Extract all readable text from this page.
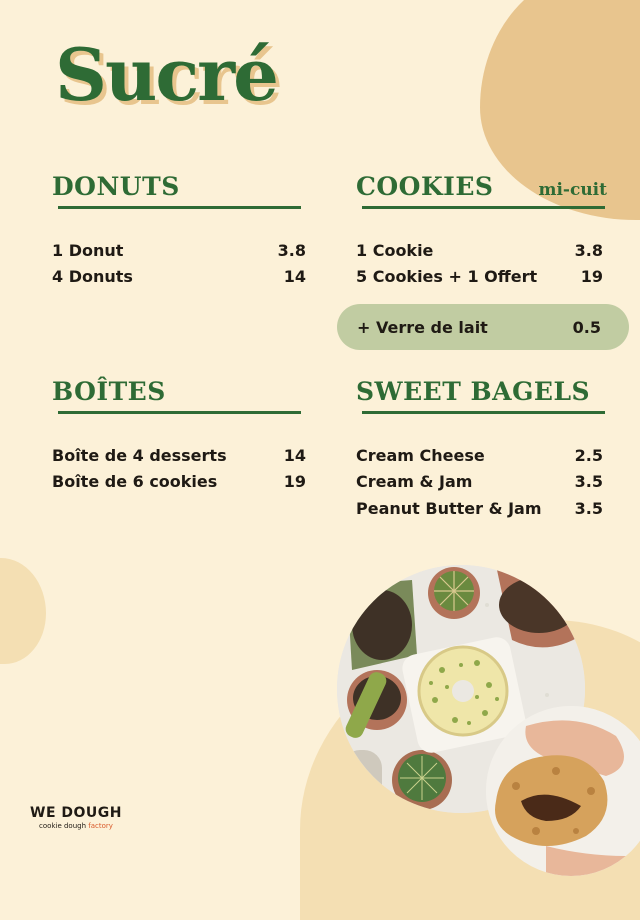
Sucré
DONUTS
1 Donut	3.8
4 Donuts	14
COOKIES	mi-cuit
1 Cookie	3.8
5 Cookies + 1 Offert	19
+ Verre de lait	0.5
BOÎTES
Boîte de 4 desserts	14
Boîte de 6 cookies	19
SWEET BAGELS
Cream Cheese	2.5
Cream & Jam	3.5
Peanut Butter & Jam 3.5
WE DOUGH
cookie dough factory
